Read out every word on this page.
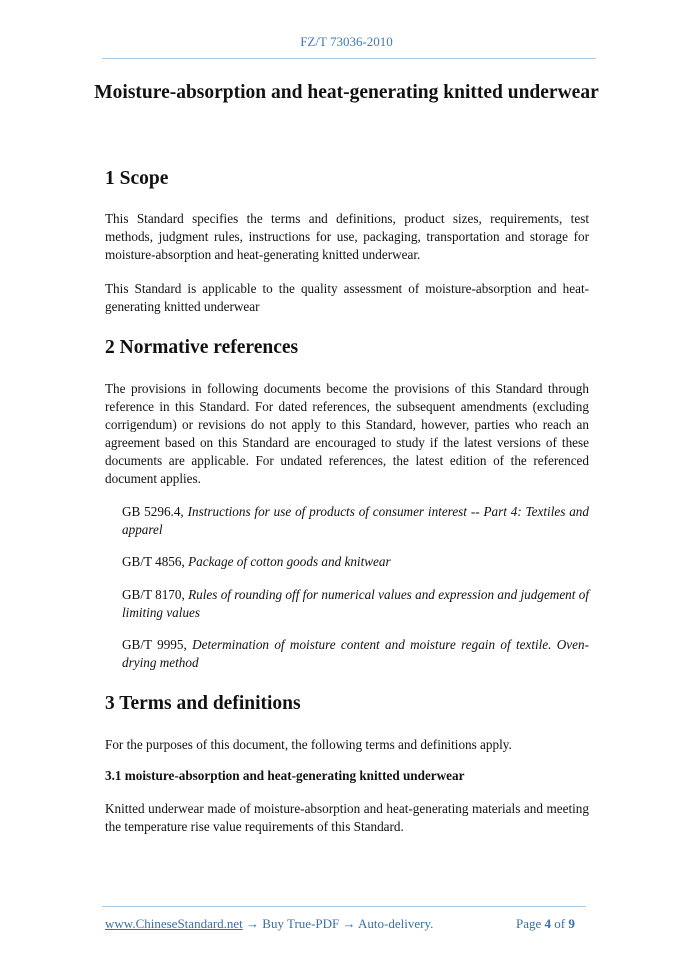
FZ/T 73036-2010
Moisture-absorption and heat-generating knitted underwear
1 Scope
This Standard specifies the terms and definitions, product sizes, requirements, test methods, judgment rules, instructions for use, packaging, transportation and storage for moisture-absorption and heat-generating knitted underwear.
This Standard is applicable to the quality assessment of moisture-absorption and heat-generating knitted underwear
2 Normative references
The provisions in following documents become the provisions of this Standard through reference in this Standard. For dated references, the subsequent amendments (excluding corrigendum) or revisions do not apply to this Standard, however, parties who reach an agreement based on this Standard are encouraged to study if the latest versions of these documents are applicable. For undated references, the latest edition of the referenced document applies.
GB 5296.4, Instructions for use of products of consumer interest -- Part 4: Textiles and apparel
GB/T 4856, Package of cotton goods and knitwear
GB/T 8170, Rules of rounding off for numerical values and expression and judgement of limiting values
GB/T 9995, Determination of moisture content and moisture regain of textile. Oven-drying method
3 Terms and definitions
For the purposes of this document, the following terms and definitions apply.
3.1 moisture-absorption and heat-generating knitted underwear
Knitted underwear made of moisture-absorption and heat-generating materials and meeting the temperature rise value requirements of this Standard.
www.ChineseStandard.net → Buy True-PDF → Auto-delivery.	Page 4 of 9
